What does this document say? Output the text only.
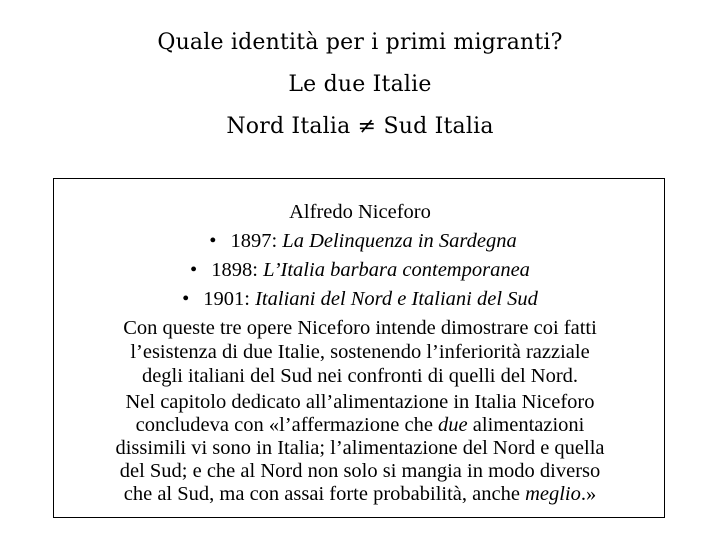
Quale identità per i primi migranti?
Le due Italie
Nord Italia ≠ Sud Italia
Alfredo Niceforo
• 1897: La Delinquenza in Sardegna
• 1898: L’Italia barbara contemporanea
• 1901: Italiani del Nord e Italiani del Sud
Con queste tre opere Niceforo intende dimostrare coi fatti
l’esistenza di due Italie, sostenendo l’inferiorità razziale
degli italiani del Sud nei confronti di quelli del Nord.
Nel capitolo dedicato all’alimentazione in Italia Niceforo
concludeva con «l’affermazione che due alimentazioni
dissimili vi sono in Italia; l’alimentazione del Nord e quella
del Sud; e che al Nord non solo si mangia in modo diverso
che al Sud, ma con assai forte probabilità, anche meglio.»
